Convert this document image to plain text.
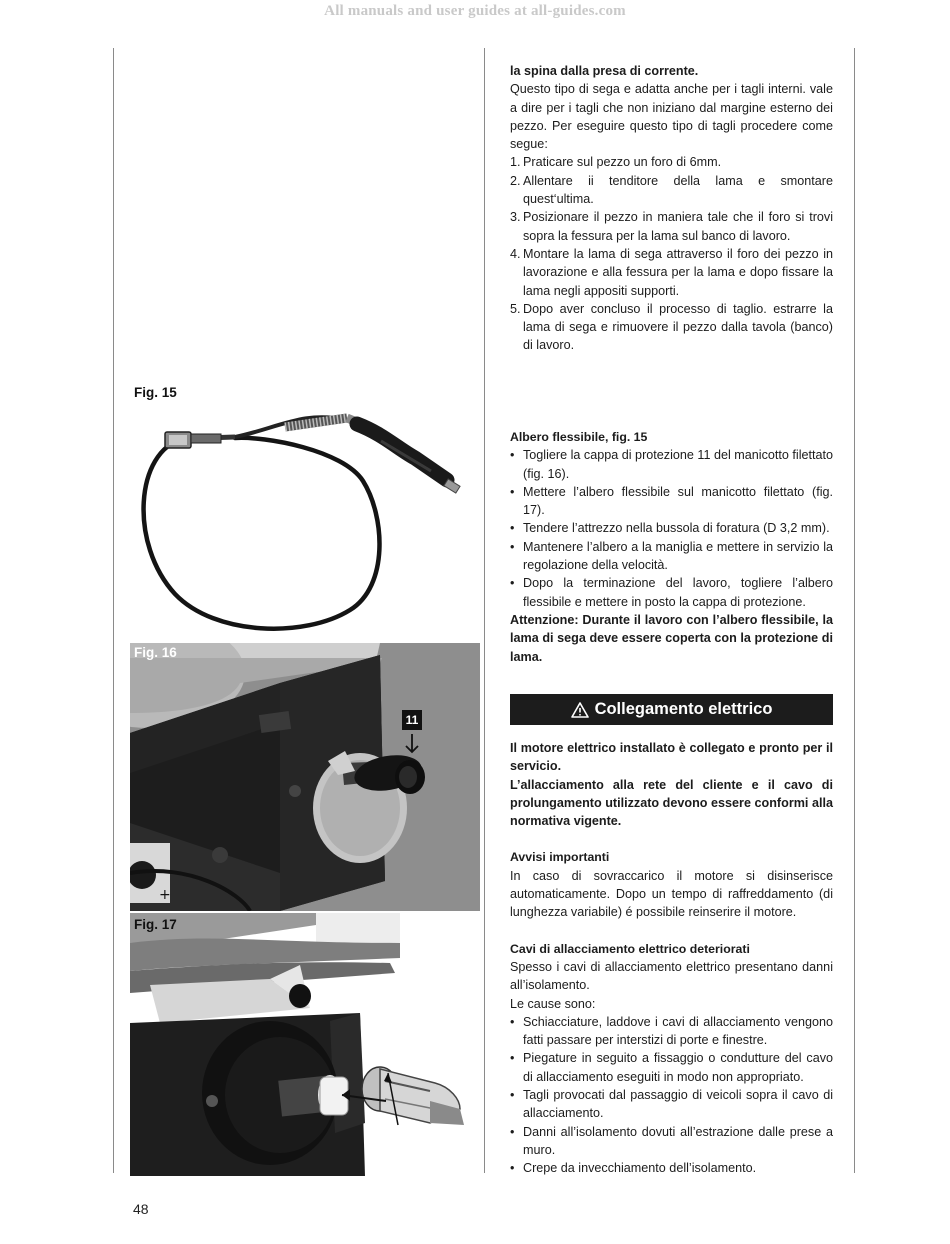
All manuals and user guides at all-guides.com
Fig. 15
+
Fig. 16
11
Fig. 17

la spina dalla presa di corrente.

Questo tipo di sega e adatta anche per i tagli interni. vale a dire per i tagli che non iniziano dal margine esterno dei pezzo. Per eseguire questo tipo di tagli procedere come segue:

1. Praticare sul pezzo un foro di 6mm.
2. Allentare ii tenditore della lama e smontare quest‘ultima.
3. Posizionare il pezzo in maniera tale che il foro si trovi sopra la fessura per la lama sul banco di lavoro.
4. Montare la lama di sega attraverso il foro dei pezzo in lavorazione e alla fessura per la lama e dopo fissare la lama negli appositi supporti.
5. Dopo aver concluso il processo di taglio. estrarre la lama di sega e rimuovere il pezzo dalla tavola (banco) di lavoro.

Albero flessibile, fig. 15

• Togliere la cappa di protezione 11 del manicotto filettato (fig. 16).
• Mettere l’albero flessibile sul manicotto filettato (fig. 17).
• Tendere l’attrezzo nella bussola di foratura (D 3,2 mm).
• Mantenere l’albero a la maniglia e mettere in servizio la regolazione della velocità.
• Dopo la terminazione del lavoro, togliere l’albero flessibile e mettere in posto la cappa di protezione.

Attenzione: Durante il lavoro con l’albero flessibile, la lama di sega deve essere coperta con la protezione di lama.

Collegamento elettrico

Il motore elettrico installato è collegato e pronto per il servicio.

L’allacciamento alla rete del cliente e il cavo di prolungamento utilizzato devono essere conformi alla normativa vigente.

Avvisi importanti

In caso di sovraccarico il motore si disinserisce automaticamente. Dopo un tempo di raffreddamento (di lunghezza variabile) é possibile reinserire il motore.

Cavi di allacciamento elettrico deteriorati

Spesso i cavi di allacciamento elettrico presentano danni all’isolamento.

Le cause sono:

• Schiacciature, laddove i cavi di allacciamento vengono fatti passare per interstizi di porte e finestre.
• Piegature in seguito a fissaggio o condutture del cavo di allacciamento eseguiti in modo non appropriato.
• Tagli provocati dal passaggio di veicoli sopra il cavo di allacciamento.
• Danni all’isolamento dovuti all’estrazione dalle prese a muro.
• Crepe da invecchiamento dell’isolamento.
48
